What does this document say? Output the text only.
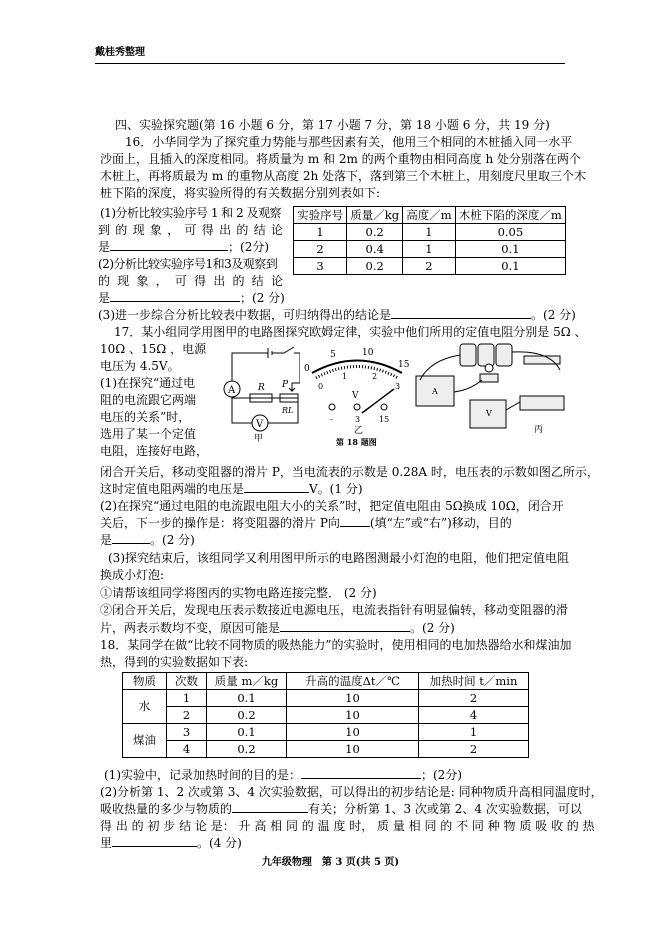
戴桂秀整理
四、实验探究题(第 16 小题 6 分，第 17 小题 7 分，第 18 小题 6 分，共 19 分)
16．小华同学为了探究重力势能与那些因素有关，他用三个相同的木桩插入同一水平
沙面上，且插入的深度相同。将质量为 m 和 2m 的两个重物由相同高度 h 处分别落在两个
木桩上，再将质最为 m 的重物从高度 2h 处落下，落到第三个木桩上，用刻度尺里取三个木
桩下陷的深度，将实验所得的有关数据分别列表如下:
(1)分析比较实验序号 1 和 2 及观察
到 的 现 象 ， 可 得 出 的 结 论
是	；(2分)
(2)分析比较实验序号1和3及观察到
的 现 象 ， 可 得 出 的 结 论
是	；(2 分)
(3)进一步综合分析比较表中数据，可归纳得出的结论是	。(2 分)
实验序号	质量／kg	高度／m	木桩下陷的深度／m
1	0.2	1	0.05
2	0.4	1	0.1
3	0.2	2	0.1
17．某小组同学用图甲的电路图探究欧姆定律，实验中他们所用的定值电阻分别是 5Ω 、
10Ω 、15Ω ，电源
电压为 4.5V。
(1)在探究“通过电
阻的电流跟它两端
电压的关系”时，
选用了某一个定值
电阻，连接好电路，
A
V
R P
RL
甲
0
5	10
15
0
1	2
3
V
-	3 15
乙
第 18 题图
A
V
丙
闭合开关后，移动变阻器的滑片 P，当电流表的示数是 0.28A 时，电压表的示数如图乙所示，
这时定值电阻两端的电压是	V。(1 分)
(2)在探究“通过电阻的电流跟电阻大小的关系”时，把定值电阻由 5Ω换成 10Ω，闭合开
关后，下一步的操作是：将变阻器的滑片 P向	(填“左”或“右”)移动，目的
是	。(2 分)
(3)探究结束后，该组同学又利用图甲所示的电路图测最小灯泡的电阻，他们把定值电阻
换成小灯泡:
①请帮该组同学将图丙的实物电路连接完整． (2 分)
②闭合开关后，发现电压表示数接近电源电压，电流表指针有明显偏转，移动变阻器的滑
片，两表示数均不变，原因可能是	。(2 分)
18．某同学在做“比较不同物质的吸热能力”的实验时，使用相同的电加热器给水和煤油加
热，得到的实验数据如下表:
物质	次数	质量 m／kg	升高的温度Δt／℃	加热时间 t／min
水	1	0.1	10	2
	2	0.2	10	4
煤油	3	0.1	10	1
	4	0.2	10	2
(1)实验中，记录加热时间的目的是：	；(2分)
(2)分析第 1、2 次或第 3、4 次实验数据，可以得出的初步结论是: 同种物质升高相同温度时，
吸收热量的多少与物质的	有关；分析第 1、3 次或第 2、4 次实验数据，可以
得 出 的 初 步 结 论 是： 升 高 相 同 的 温 度 时， 质 量 相 同 的 不 同 种 物 质 吸 收 的 热
里	。(4 分)
九年级物理　第 3 页(共 5 页)
